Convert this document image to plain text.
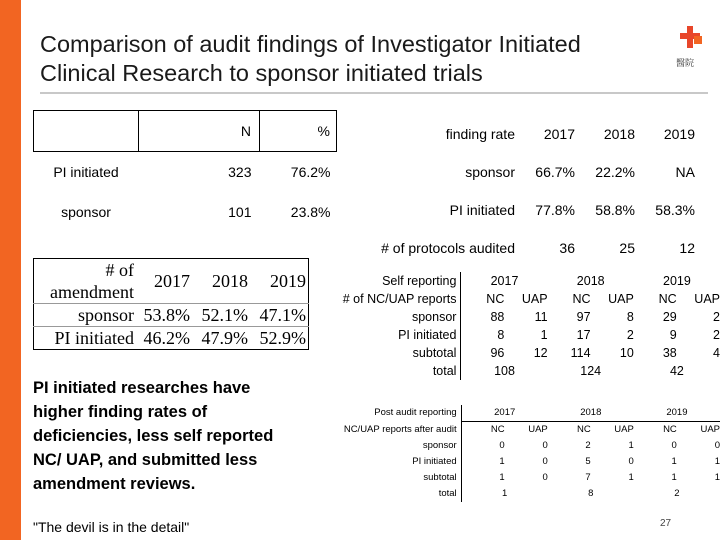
Comparison of audit findings of Investigator Initiated Clinical Research to sponsor initiated trials	醫院
	N	%
PI initiated	323	76.2%
sponsor	101	23.8%
finding rate	2017	2018	2019
sponsor	66.7%	22.2%	NA
PI initiated	77.8%	58.8%	58.3%
# of protocols audited	36	25	12
# of
amendment	2017	2018	2019
sponsor	53.8%	52.1%	47.1%
PI initiated	46.2%	47.9%	52.9%
PI initiated researches have higher finding rates of deficiencies, less self reported NC/ UAP, and submitted less amendment reviews.
"The devil is in the detail"
Self reporting	2017		2018		2019	
# of NC/UAP reports	NC	UAP	NC	UAP	NC	UAP
sponsor	88	11	97	8	29	2
PI initiated	8	1	17	2	9	2
subtotal	96	12	114	10	38	4
total	108		124		42	
Post audit reporting	2017		2018		2019	
NC/UAP reports after audit	NC	UAP	NC	UAP	NC	UAP
sponsor	0	0	2	1	0	0
PI initiated	1	0	5	0	1	1
subtotal	1	0	7	1	1	1
total	1		8		2	
27
